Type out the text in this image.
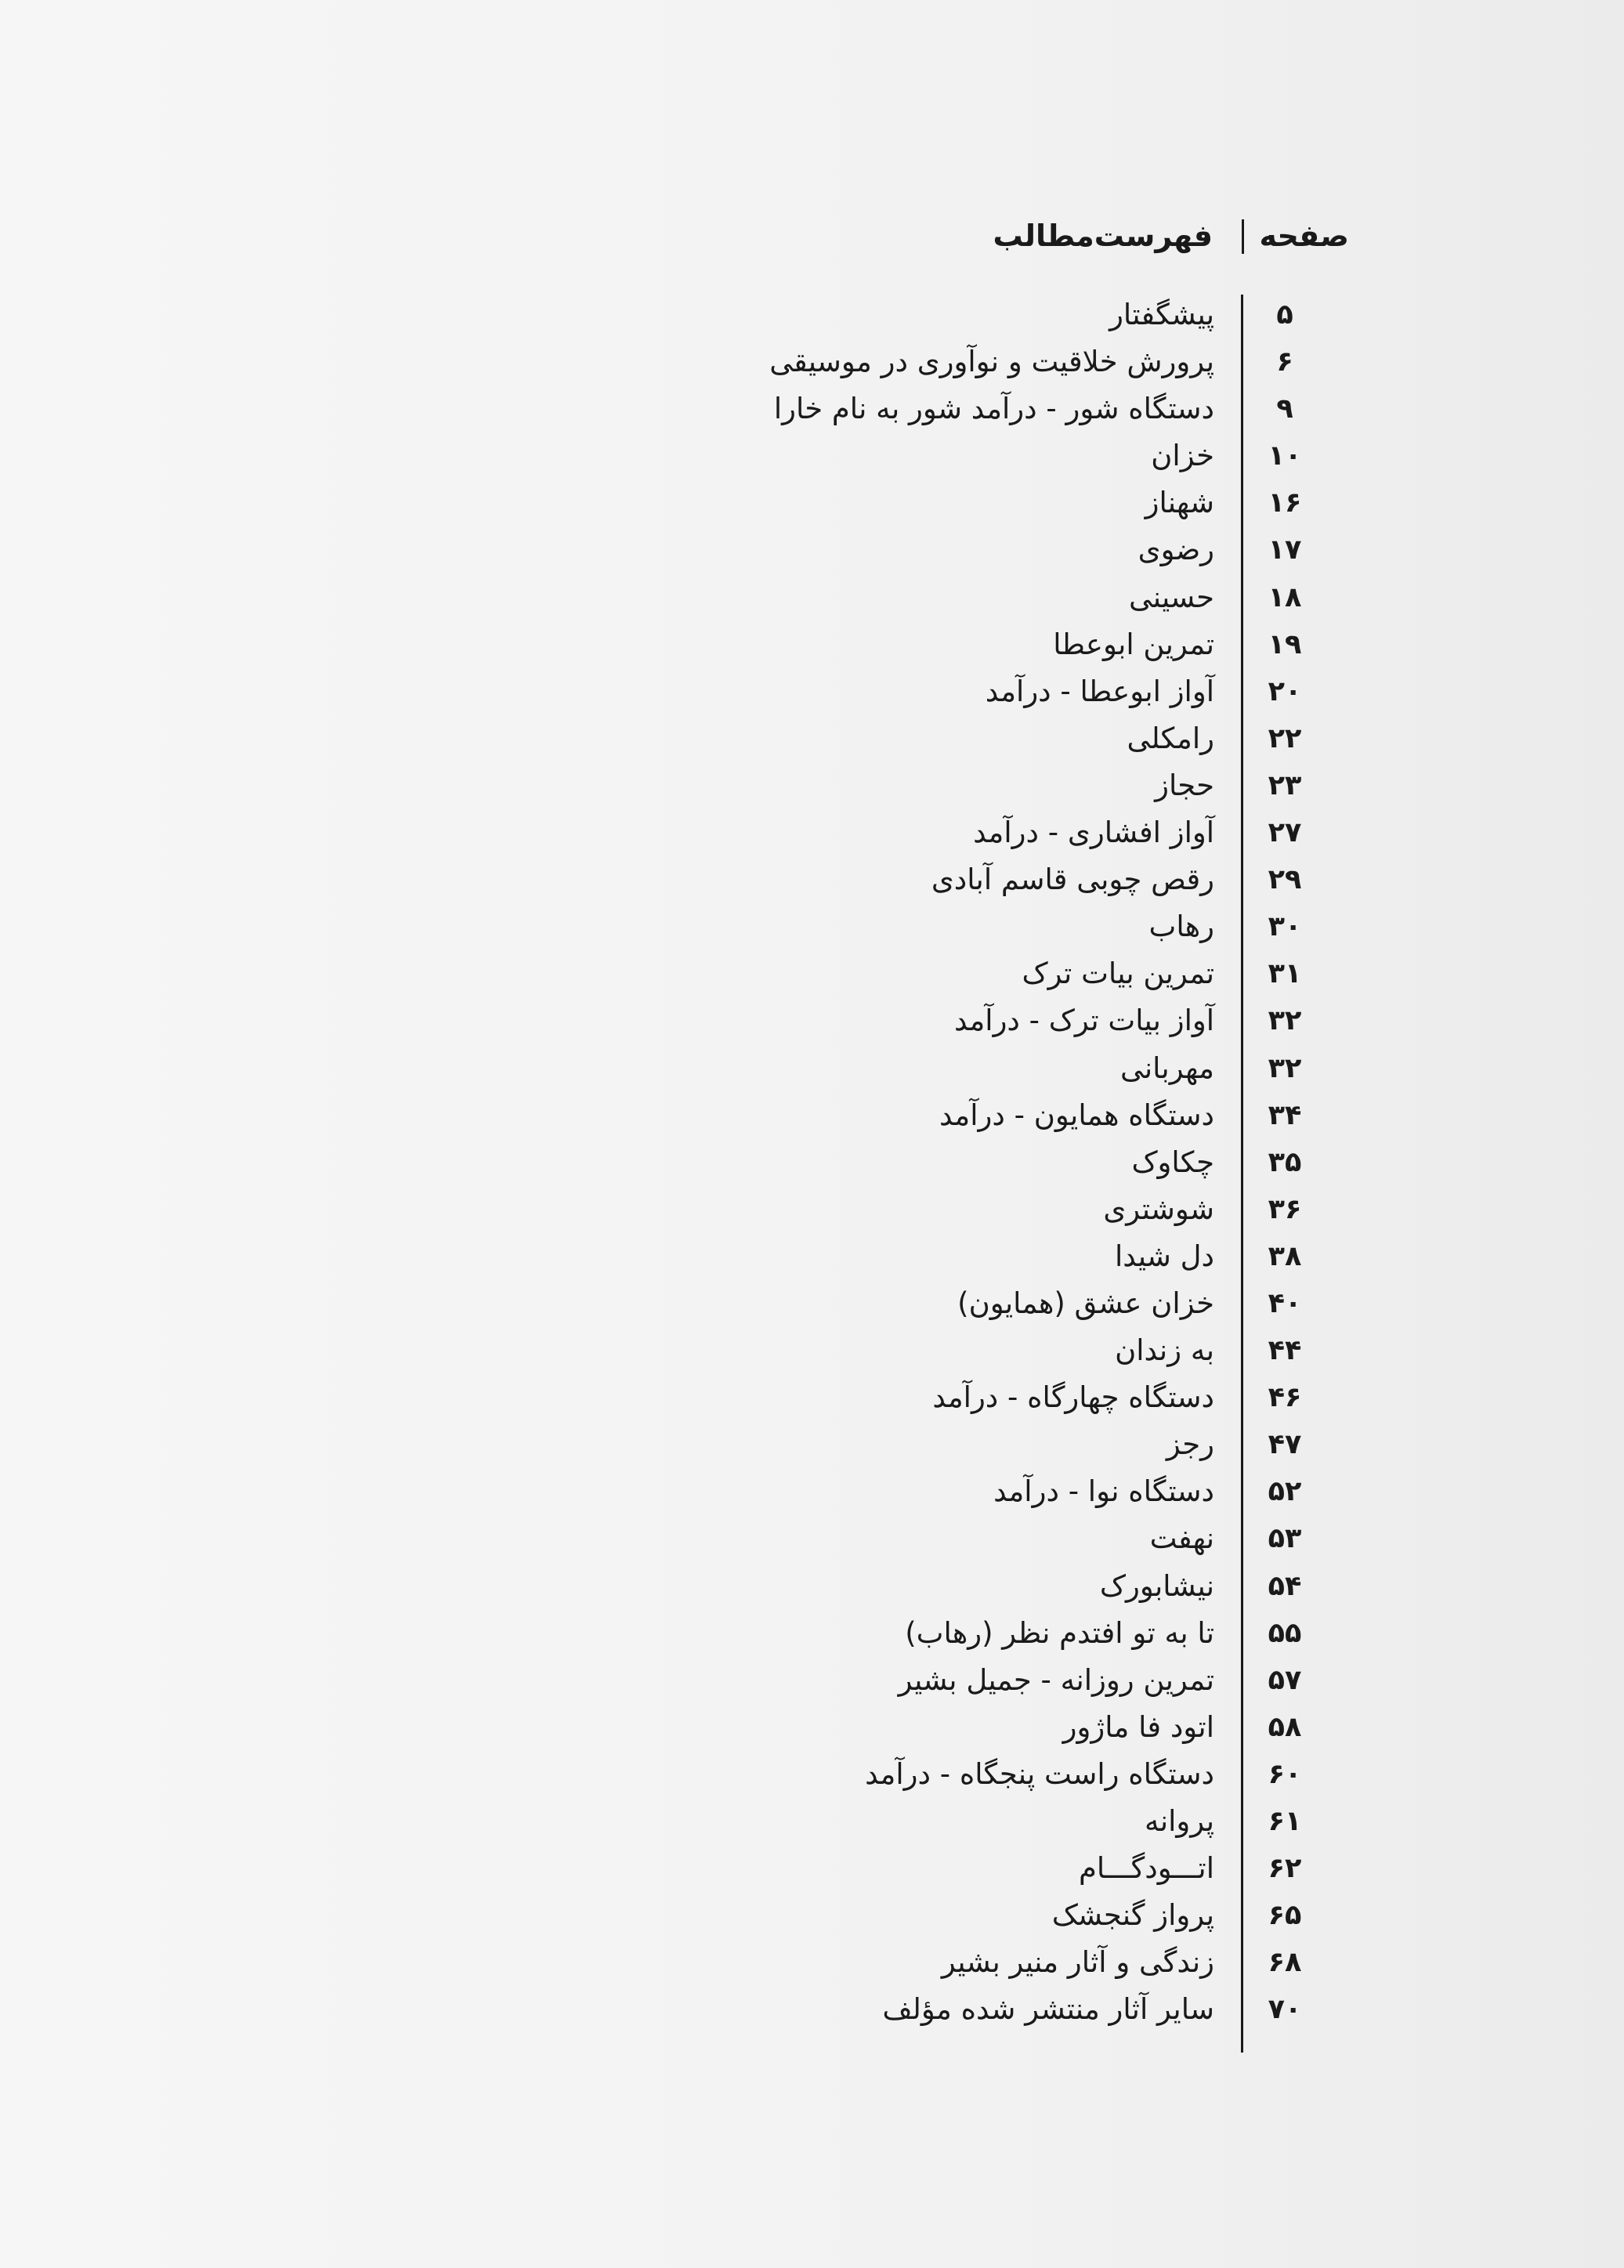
صفحه
فهرست‌مطالب
۵
پیشگفتار
۶
پرورش خلاقیت و نوآوری در موسیقی
۹
دستگاه شور - درآمد شور به نام خارا
۱۰
خزان
۱۶
شهناز
۱۷
رضوی
۱۸
حسینی
۱۹
تمرین ابوعطا
۲۰
آواز ابوعطا - درآمد
۲۲
رامکلی
۲۳
حجاز
۲۷
آواز افشاری - درآمد
۲۹
رقص چوبی قاسم آبادی
۳۰
رهاب
۳۱
تمرین بیات ترک
۳۲
آواز بیات ترک - درآمد
۳۲
مهربانی
۳۴
دستگاه همایون - درآمد
۳۵
چکاوک
۳۶
شوشتری
۳۸
دل شیدا
۴۰
خزان عشق (همایون)
۴۴
به زندان
۴۶
دستگاه چهارگاه - درآمد
۴۷
رجز
۵۲
دستگاه نوا - درآمد
۵۳
نهفت
۵۴
نیشابورک
۵۵
تا به تو افتدم نظر (رهاب)
۵۷
تمرین روزانه - جمیل بشیر
۵۸
اتود فا ماژور
۶۰
دستگاه راست پنجگاه - درآمد
۶۱
پروانه
۶۲
اتـــودگـــام
۶۵
پرواز گنجشک
۶۸
زندگی و آثار منیر بشیر
۷۰
سایر آثار منتشر شده مؤلف
